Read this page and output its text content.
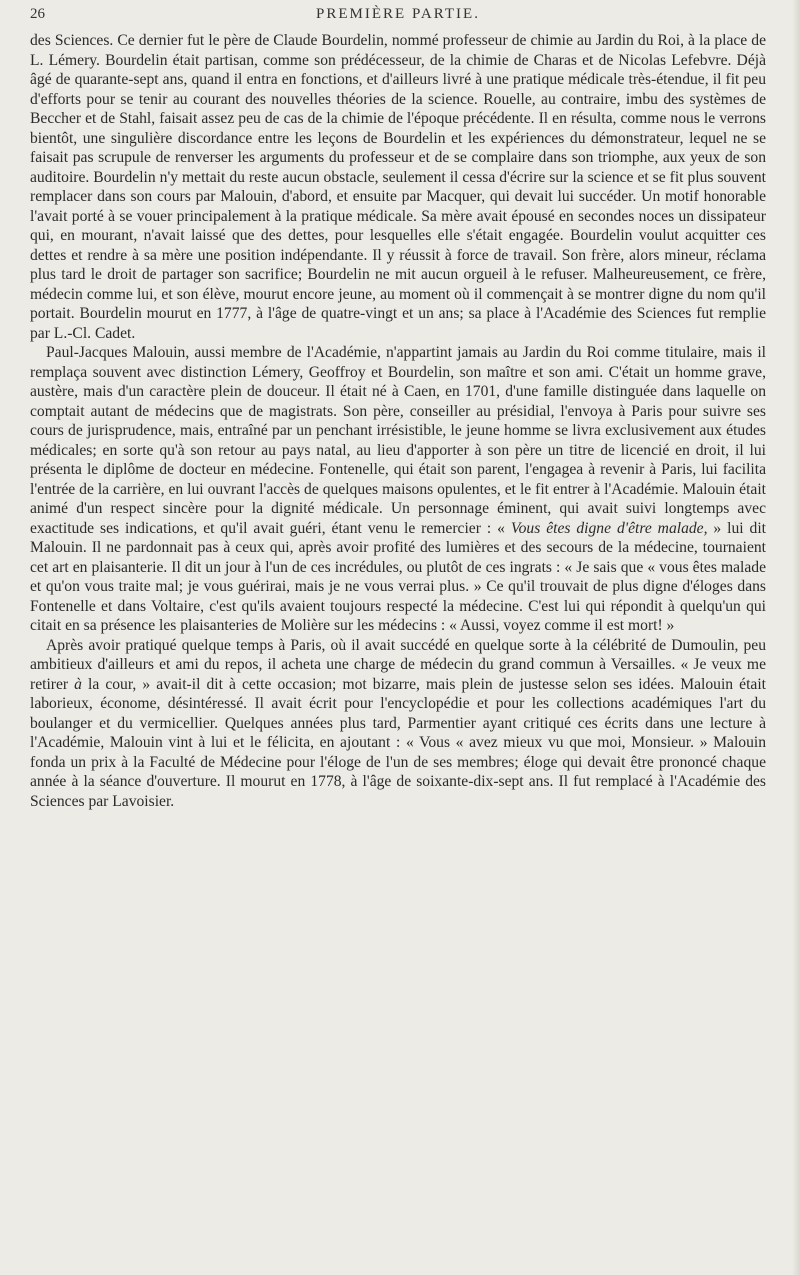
26	PREMIÈRE PARTIE.

des Sciences. Ce dernier fut le père de Claude Bourdelin, nommé professeur de chimie au Jardin du Roi, à la place de L. Lémery. Bourdelin était partisan, comme son prédécesseur, de la chimie de Charas et de Nicolas Lefebvre. Déjà âgé de quarante-sept ans, quand il entra en fonctions, et d'ailleurs livré à une pratique médicale très-étendue, il fit peu d'efforts pour se tenir au courant des nouvelles théories de la science. Rouelle, au contraire, imbu des systèmes de Beccher et de Stahl, faisait assez peu de cas de la chimie de l'époque précédente. Il en résulta, comme nous le verrons bientôt, une singulière discordance entre les leçons de Bourdelin et les expériences du démonstrateur, lequel ne se faisait pas scrupule de renverser les arguments du professeur et de se complaire dans son triomphe, aux yeux de son auditoire. Bourdelin n'y mettait du reste aucun obstacle, seulement il cessa d'écrire sur la science et se fit plus souvent remplacer dans son cours par Malouin, d'abord, et ensuite par Macquer, qui devait lui succéder. Un motif honorable l'avait porté à se vouer principalement à la pratique médicale. Sa mère avait épousé en secondes noces un dissipateur qui, en mourant, n'avait laissé que des dettes, pour lesquelles elle s'était engagée. Bourdelin voulut acquitter ces dettes et rendre à sa mère une position indépendante. Il y réussit à force de travail. Son frère, alors mineur, réclama plus tard le droit de partager son sacrifice; Bourdelin ne mit aucun orgueil à le refuser. Malheureusement, ce frère, médecin comme lui, et son élève, mourut encore jeune, au moment où il commençait à se montrer digne du nom qu'il portait. Bourdelin mourut en 1777, à l'âge de quatre-vingt et un ans; sa place à l'Académie des Sciences fut remplie par L.-Cl. Cadet.

Paul-Jacques Malouin, aussi membre de l'Académie, n'appartint jamais au Jardin du Roi comme titulaire, mais il remplaça souvent avec distinction Lémery, Geoffroy et Bourdelin, son maître et son ami. C'était un homme grave, austère, mais d'un caractère plein de douceur. Il était né à Caen, en 1701, d'une famille distinguée dans laquelle on comptait autant de médecins que de magistrats. Son père, conseiller au présidial, l'envoya à Paris pour suivre ses cours de jurisprudence, mais, entraîné par un penchant irrésistible, le jeune homme se livra exclusivement aux études médicales; en sorte qu'à son retour au pays natal, au lieu d'apporter à son père un titre de licencié en droit, il lui présenta le diplôme de docteur en médecine. Fontenelle, qui était son parent, l'engagea à revenir à Paris, lui facilita l'entrée de la carrière, en lui ouvrant l'accès de quelques maisons opulentes, et le fit entrer à l'Académie. Malouin était animé d'un respect sincère pour la dignité médicale. Un personnage éminent, qui avait suivi longtemps avec exactitude ses indications, et qu'il avait guéri, étant venu le remercier : « Vous êtes digne d'être malade, » lui dit Malouin. Il ne pardonnait pas à ceux qui, après avoir profité des lumières et des secours de la médecine, tournaient cet art en plaisanterie. Il dit un jour à l'un de ces incrédules, ou plutôt de ces ingrats : « Je sais que « vous êtes malade et qu'on vous traite mal; je vous guérirai, mais je ne vous verrai plus. » Ce qu'il trouvait de plus digne d'éloges dans Fontenelle et dans Voltaire, c'est qu'ils avaient toujours respecté la médecine. C'est lui qui répondit à quelqu'un qui citait en sa présence les plaisanteries de Molière sur les médecins : « Aussi, voyez comme il est mort! »

Après avoir pratiqué quelque temps à Paris, où il avait succédé en quelque sorte à la célébrité de Dumoulin, peu ambitieux d'ailleurs et ami du repos, il acheta une charge de médecin du grand commun à Versailles. « Je veux me retirer à la cour, » avait-il dit à cette occasion; mot bizarre, mais plein de justesse selon ses idées. Malouin était laborieux, économe, désintéressé. Il avait écrit pour l'encyclopédie et pour les collections académiques l'art du boulanger et du vermicellier. Quelques années plus tard, Parmentier ayant critiqué ces écrits dans une lecture à l'Académie, Malouin vint à lui et le félicita, en ajoutant : « Vous « avez mieux vu que moi, Monsieur. » Malouin fonda un prix à la Faculté de Médecine pour l'éloge de l'un de ses membres; éloge qui devait être prononcé chaque année à la séance d'ouverture. Il mourut en 1778, à l'âge de soixante-dix-sept ans. Il fut remplacé à l'Académie des Sciences par Lavoisier.
